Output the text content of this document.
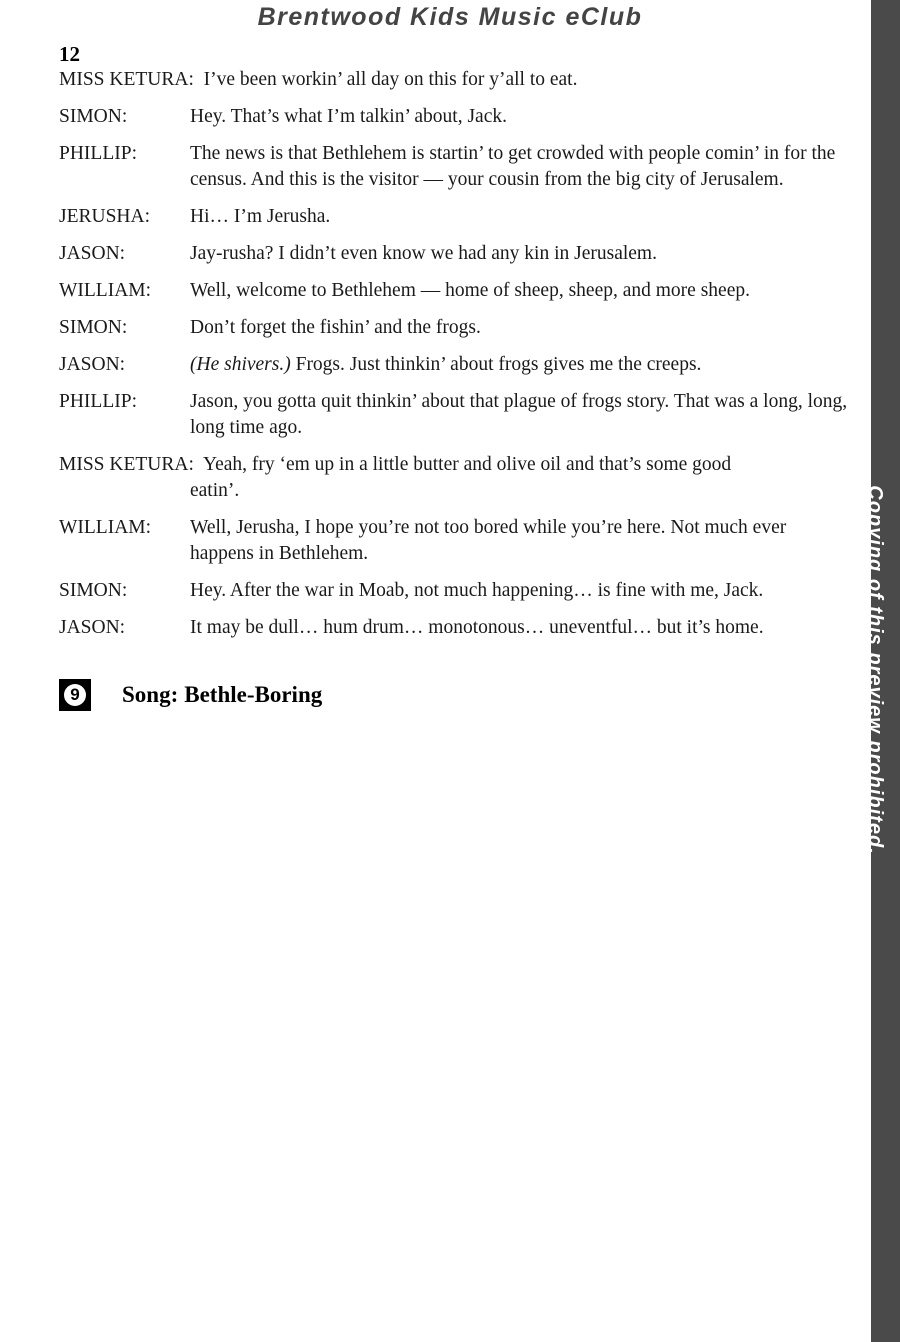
Brentwood Kids Music eClub
Copying of this preview prohibited.
12
MISS KETURA: I’ve been workin’ all day on this for y’all to eat.
SIMON:	Hey. That’s what I’m talkin’ about, Jack.
PHILLIP:	The news is that Bethlehem is startin’ to get crowded with people comin’ in for the census. And this is the visitor — your cousin from the big city of Jerusalem.
JERUSHA: Hi… I’m Jerusha.
JASON:	Jay-rusha? I didn’t even know we had any kin in Jerusalem.
WILLIAM: Well, welcome to Bethlehem — home of sheep, sheep, and more sheep.
SIMON:	Don’t forget the fishin’ and the frogs.
JASON:	(He shivers.) Frogs. Just thinkin’ about frogs gives me the creeps.
PHILLIP:	Jason, you gotta quit thinkin’ about that plague of frogs story. That was a long, long, long time ago.
MISS KETURA: Yeah, fry ‘em up in a little butter and olive oil and that’s some good
eatin’.
WILLIAM: Well, Jerusha, I hope you’re not too bored while you’re here. Not much ever happens in Bethlehem.
SIMON:	Hey. After the war in Moab, not much happening… is fine with me, Jack.
JASON:	It may be dull… hum drum… monotonous… uneventful… but it’s home.
9 Song: Bethle-Boring
